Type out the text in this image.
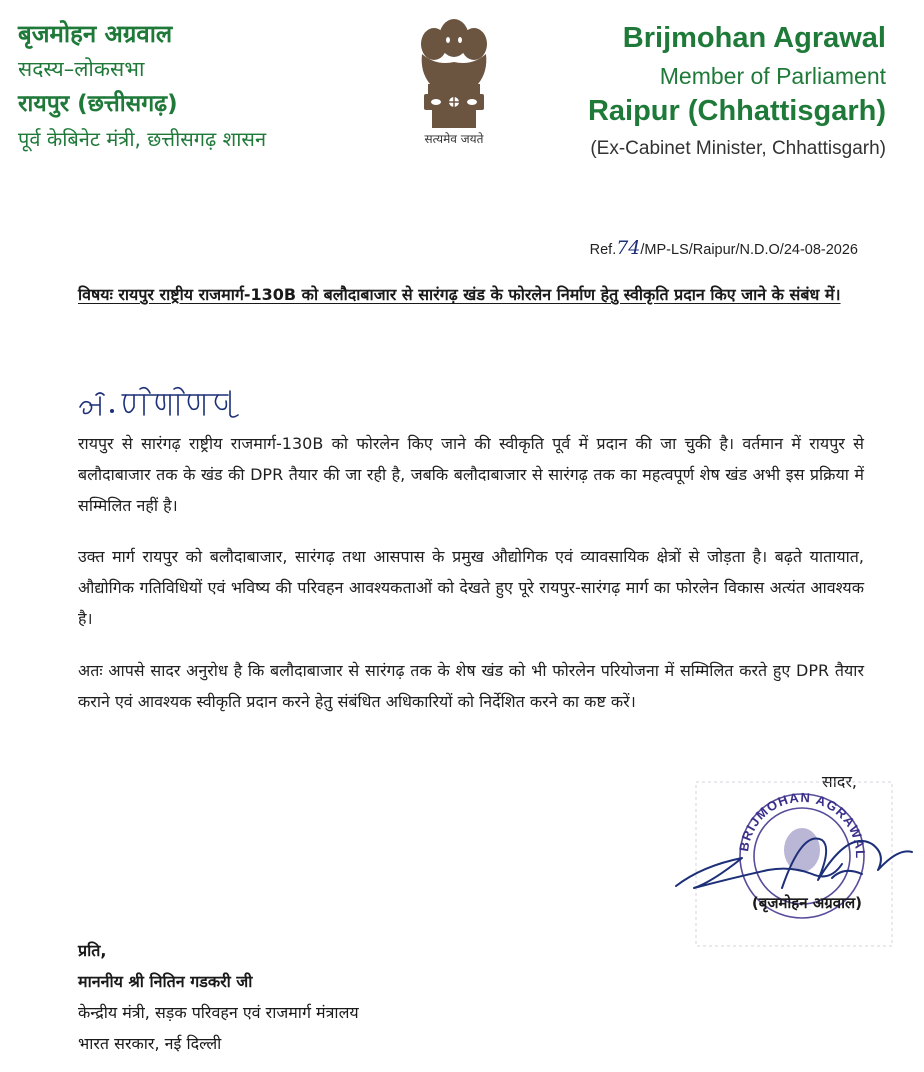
बृजमोहन अग्रवाल
सदस्य–लोकसभा
रायपुर (छत्तीसगढ़)
पूर्व केबिनेट मंत्री, छत्तीसगढ़ शासन	सत्यमेव जयते
Brijmohan Agrawal
Member of Parliament
Raipur (Chhattisgarh)
(Ex-Cabinet Minister, Chhattisgarh)
Ref.74/MP-LS/Raipur/N.D.O/24-08-2026
विषयः रायपुर राष्ट्रीय राजमार्ग-130B को बलौदाबाजार से सारंगढ़ खंड के फोरलेन निर्माण हेतु स्वीकृति प्रदान किए जाने के संबंध में।
रायपुर से सारंगढ़ राष्ट्रीय राजमार्ग-130B को फोरलेन किए जाने की स्वीकृति पूर्व में प्रदान की जा चुकी है। वर्तमान में रायपुर से बलौदाबाजार तक के खंड की DPR तैयार की जा रही है, जबकि बलौदाबाजार से सारंगढ़ तक का महत्वपूर्ण शेष खंड अभी इस प्रक्रिया में सम्मिलित नहीं है।
उक्त मार्ग रायपुर को बलौदाबाजार, सारंगढ़ तथा आसपास के प्रमुख औद्योगिक एवं व्यावसायिक क्षेत्रों से जोड़ता है। बढ़ते यातायात, औद्योगिक गतिविधियों एवं भविष्य की परिवहन आवश्यकताओं को देखते हुए पूरे रायपुर-सारंगढ़ मार्ग का फोरलेन विकास अत्यंत आवश्यक है।
अतः आपसे सादर अनुरोध है कि बलौदाबाजार से सारंगढ़ तक के शेष खंड को भी फोरलेन परियोजना में सम्मिलित करते हुए DPR तैयार कराने एवं आवश्यक स्वीकृति प्रदान करने हेतु संबंधित अधिकारियों को निर्देशित करने का कष्ट करें।
सादर,
BRIJMOHAN AGRAWAL
(बृजमोहन अग्रवाल)
प्रति,
माननीय श्री नितिन गडकरी जी
केन्द्रीय मंत्री, सड़क परिवहन एवं राजमार्ग मंत्रालय
भारत सरकार, नई दिल्ली
